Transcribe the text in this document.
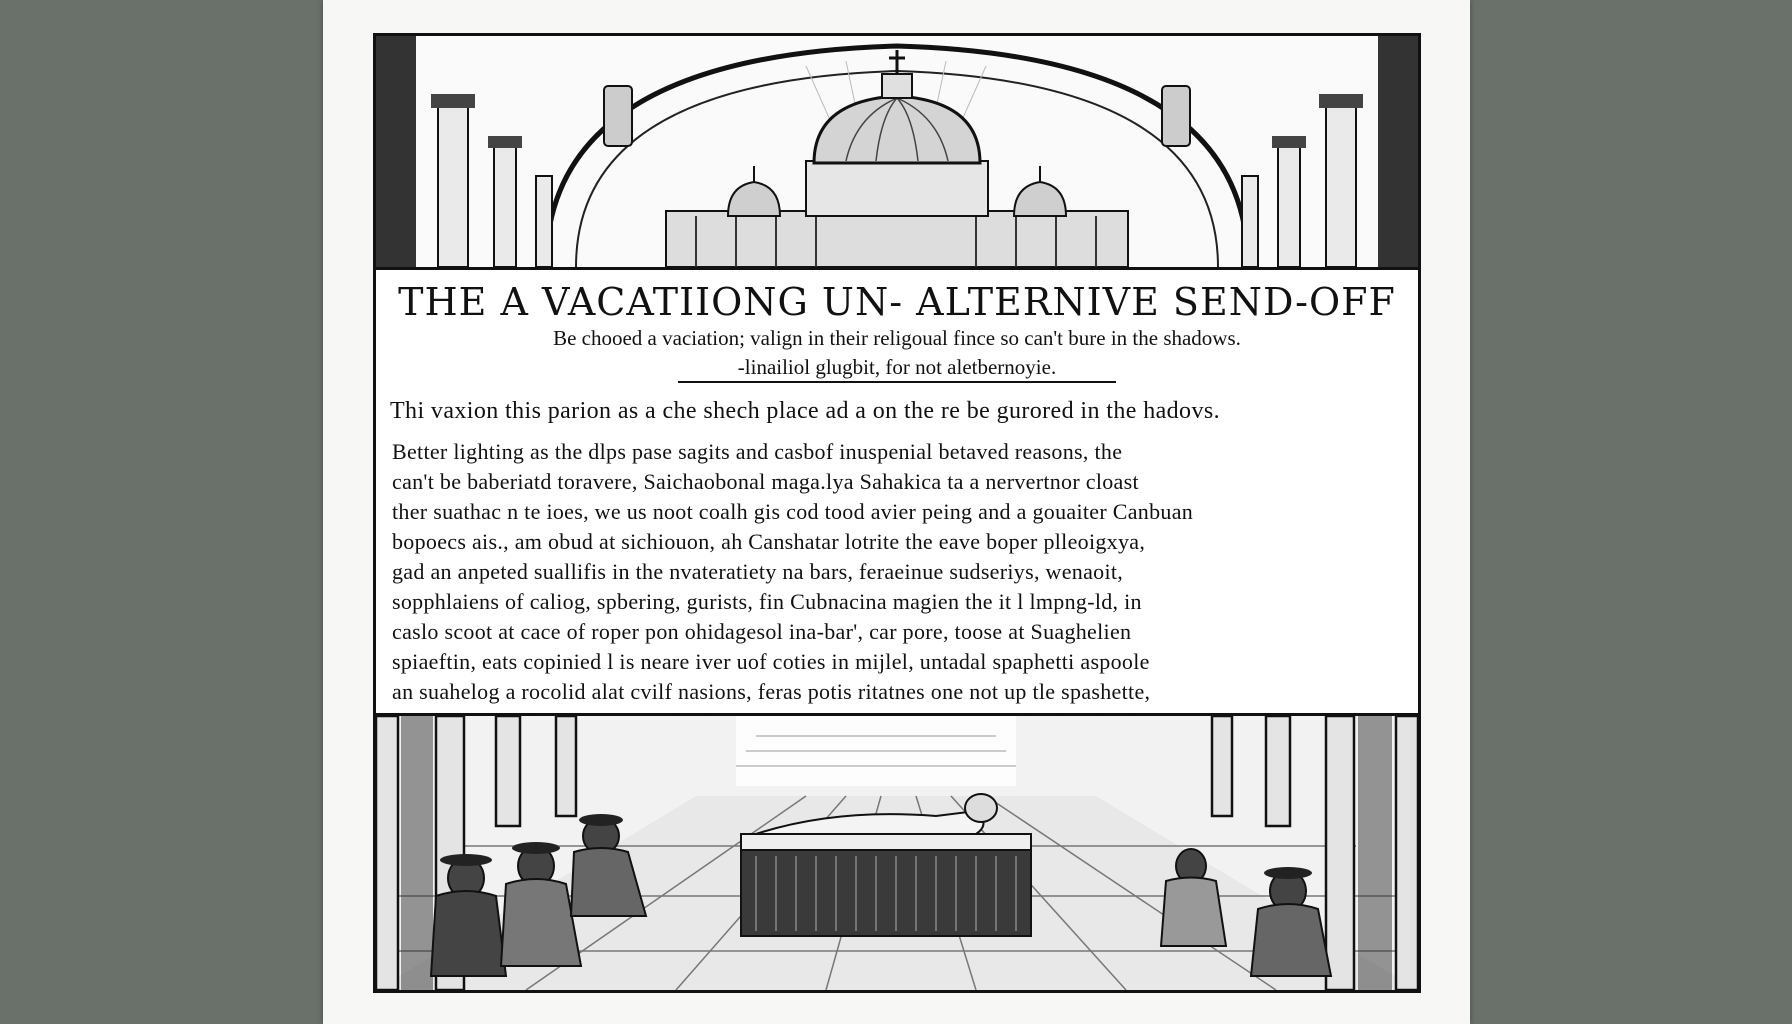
THE A VACATIIONG UN- ALTERNIVE SEND-OFF

Be chooed a vaciation; valign in their religoual fince so can't bure in the shadows.

-linailiol glugbit, for not aletbernoyie.

Thi vaxion this parion as a che shech place ad a on the re be gurored in the hadovs.

Better lighting as the dlps pase sagits and casbof inuspenial betaved reasons, the
can't be baberiatd toravere, Saichaobonal maga.lya Sahakica ta a nervertnor cloast
ther suathac n te ioes, we us noot coalh gis cod tood avier peing and a gouaiter Canbuan
bopoecs ais., am obud at sichiouon, ah Canshatar lotrite the eave boper plleoigxya,
gad an anpeted suallifis in the nvateratiety na bars, feraeinue sudseriys, wenaoit,
sopphlaiens of caliog, spbering, gurists, fin Cubnacina magien the it l lmpng-ld, in
caslo scoot at cace of roper pon ohidagesol ina-bar', car pore, toose at Suaghelien
spiaeftin, eats copinied l is neare iver uof coties in mijlel, untadal spaphetti aspoole
an suahelog a rocolid alat cvilf nasions, feras potis ritatnes one not up tle spashette,
